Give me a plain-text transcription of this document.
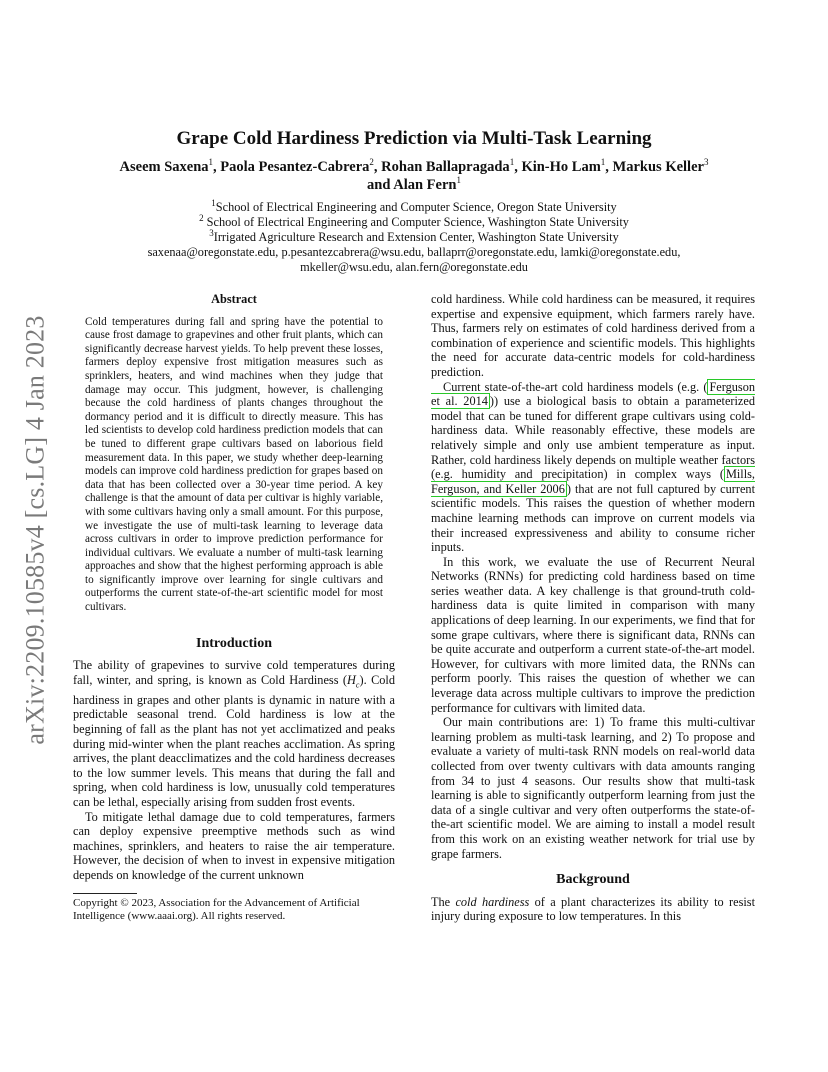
arXiv:2209.10585v4 [cs.LG] 4 Jan 2023
Grape Cold Hardiness Prediction via Multi-Task Learning
Aseem Saxena$^1$, Paola Pesantez-Cabrera$^2$, Rohan Ballapragada$^1$, Kin-Ho Lam$^1$, Markus Keller$^3$
and Alan Fern$^1$
$^1$School of Electrical Engineering and Computer Science, Oregon State University
$^2$ School of Electrical Engineering and Computer Science, Washington State University
$^3$Irrigated Agriculture Research and Extension Center, Washington State University
saxenaa@oregonstate.edu, p.pesantezcabrera@wsu.edu, ballaprr@oregonstate.edu, lamki@oregonstate.edu,
mkeller@wsu.edu, alan.fern@oregonstate.edu
Abstract

Cold temperatures during fall and spring have the potential to cause frost damage to grapevines and other fruit plants, which can significantly decrease harvest yields. To help prevent these losses, farmers deploy expensive frost mitigation measures such as sprinklers, heaters, and wind machines when they judge that damage may occur. This judgment, however, is challenging because the cold hardiness of plants changes throughout the dormancy period and it is difficult to directly measure. This has led scientists to develop cold hardiness prediction models that can be tuned to different grape cultivars based on laborious field measurement data. In this paper, we study whether deep-learning models can improve cold hardiness prediction for grapes based on data that has been collected over a 30-year time period. A key challenge is that the amount of data per cultivar is highly variable, with some cultivars having only a small amount. For this purpose, we investigate the use of multi-task learning to leverage data across cultivars in order to improve prediction performance for individual cultivars. We evaluate a number of multi-task learning approaches and show that the highest performing approach is able to significantly improve over learning for single cultivars and outperforms the current state-of-the-art scientific model for most cultivars.

Introduction

The ability of grapevines to survive cold temperatures during fall, winter, and spring, is known as Cold Hardiness $(H_c)$. Cold hardiness in grapes and other plants is dynamic in nature with a predictable seasonal trend. Cold hardiness is low at the beginning of fall as the plant has not yet acclimatized and peaks during mid-winter when the plant reaches acclimation. As spring arrives, the plant deacclimatizes and the cold hardiness decreases to the low summer levels. This means that during the fall and spring, when cold hardiness is low, unusually cold temperatures can be lethal, especially arising from sudden frost events.

To mitigate lethal damage due to cold temperatures, farmers can deploy expensive preemptive methods such as wind machines, sprinklers, and heaters to raise the air temperature. However, the decision of when to invest in expensive mitigation depends on knowledge of the current unknown

Copyright © 2023, Association for the Advancement of Artificial Intelligence (www.aaai.org). All rights reserved.

cold hardiness. While cold hardiness can be measured, it requires expertise and expensive equipment, which farmers rarely have. Thus, farmers rely on estimates of cold hardiness derived from a combination of experience and scientific models. This highlights the need for accurate data-centric models for cold-hardiness prediction.

Current state-of-the-art cold hardiness models (e.g. ( Ferguson et al. 2014 )) use a biological basis to obtain a parameterized model that can be tuned for different grape cultivars using cold-hardiness data. While reasonably effective, these models are relatively simple and only use ambient temperature as input. Rather, cold hardiness likely depends on multiple weather factors (e.g. humidity and precipitation) in complex ways ( Mills, Ferguson, and Keller 2006 ) that are not full captured by current scientific models. This raises the question of whether modern machine learning methods can improve on current models via their increased expressiveness and ability to consume richer inputs.

In this work, we evaluate the use of Recurrent Neural Networks (RNNs) for predicting cold hardiness based on time series weather data. A key challenge is that ground-truth cold-hardiness data is quite limited in comparison with many applications of deep learning. In our experiments, we find that for some grape cultivars, where there is significant data, RNNs can be quite accurate and outperform a current state-of-the-art model. However, for cultivars with more limited data, the RNNs can perform poorly. This raises the question of whether we can leverage data across multiple cultivars to improve the prediction performance for cultivars with limited data.

Our main contributions are: 1) To frame this multi-cultivar learning problem as multi-task learning, and 2) To propose and evaluate a variety of multi-task RNN models on real-world data collected from over twenty cultivars with data amounts ranging from 34 to just 4 seasons. Our results show that multi-task learning is able to significantly outperform learning from just the data of a single cultivar and very often outperforms the state-of-the-art scientific model. We are aiming to install a model result from this work on an existing weather network for trial use by grape farmers.

Background

The cold hardiness of a plant characterizes its ability to resist injury during exposure to low temperatures. In this
